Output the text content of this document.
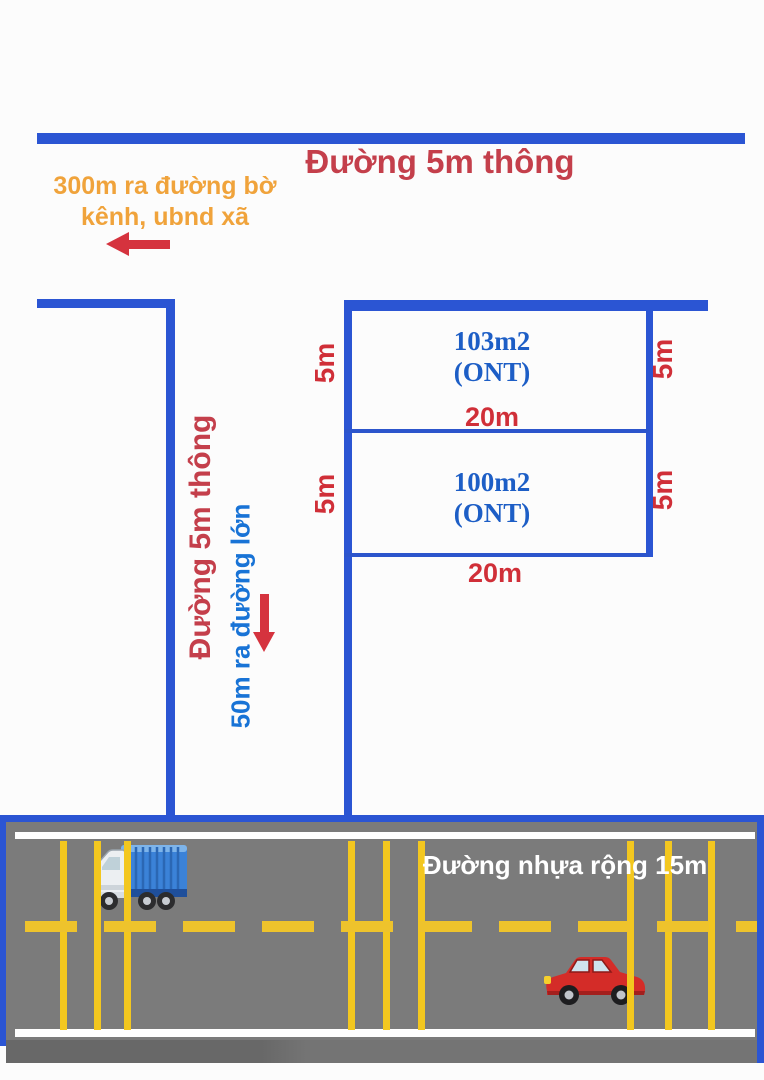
Đường 5m thông
300m ra đường bờ
kênh, ubnd xã
Đường 5m thông 50m ra đường lớn
103m2
(ONT)
5m	5m
20m
100m2
(ONT)
5m	5m
20m
Đường nhựa rộng 15m
